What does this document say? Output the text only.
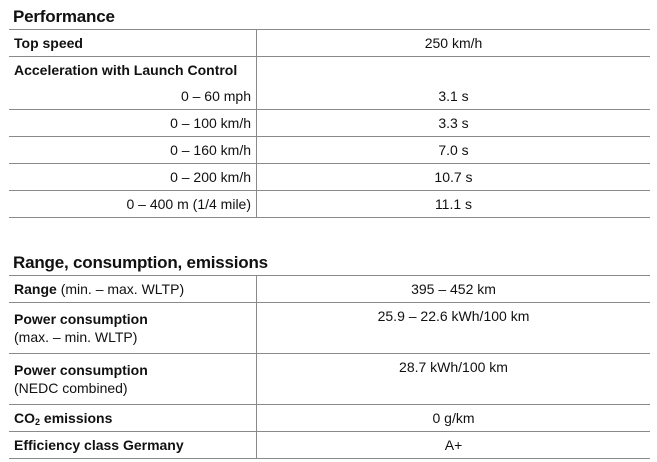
Performance
Top speed	250 km/h
Acceleration with Launch Control	
0 – 60 mph	3.1 s
0 – 100 km/h	3.3 s
0 – 160 km/h	7.0 s
0 – 200 km/h	10.7 s
0 – 400 m (1/4 mile)	11.1 s
Range, consumption, emissions
Range (min. – max. WLTP)	395 – 452 km

Power consumption
(max. – min. WLTP)	25.9 – 22.6 kWh/100 km

Power consumption
(NEDC combined)	28.7 kWh/100 km
$CO_2$ emissions	0 g/km
Efficiency class Germany	A+
